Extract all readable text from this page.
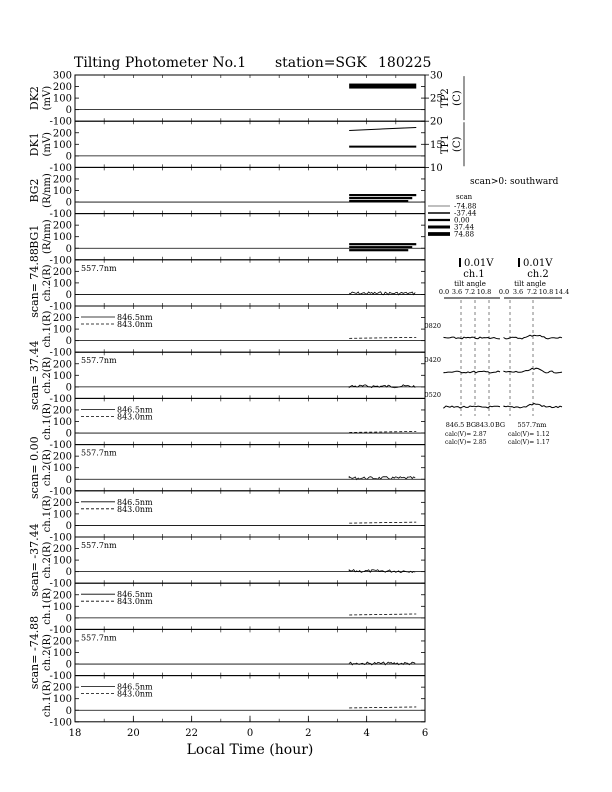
Tilting Photometer No.1 station=SGK 180225
300
200
100
0
-100
DK2 (mV)
200
100
0
-100
DK1 (mV)
200
100
0
-100
BG2 (R/nm)
200
100
0
-100
BG1 (R/nm)
200
100
0
-100
scan= 74.88 ch.2(R)	557.7nm
200
100
0
-100
ch.1(R)	846.5nm
843.0nm
200
100
0
-100
scan= 37.44 ch.2(R)	557.7nm
200
100
0
-100
ch.1(R)	846.5nm
843.0nm
200
100
0
-100
scan= 0.00 ch.2(R)	557.7nm
200
100
0
-100
ch.1(R)	846.5nm
843.0nm
200
100
0
-100
scan= -37.44 ch.2(R)	557.7nm
200
100
0
-100
ch.1(R)	846.5nm
843.0nm
200
100
0
-100
scan= -74.88 ch.2(R)	557.7nm
200
100
0
-100
ch.1(R)	846.5nm
843.0nm
18	20	22	0	2	4	6
Local Time (hour)
30
25
20
15
10
TP2 (C)
TP1 (C)
scan>0: southward
scan
-74.88
-37.44
0.00
37.44
74.88
0.01V
ch.1
0.01V
ch.2
tilt angle	tilt angle
0.0 3.6 7.2 10.8 0.0 3.6 7.2 10.8 14.4
0820
0420
0520
846.5 BG 843.0 BG 557.7nm
calc(V)= 2.87
calc(V)= 2.85
calc(V)= 1.12
calc(V)= 1.17
